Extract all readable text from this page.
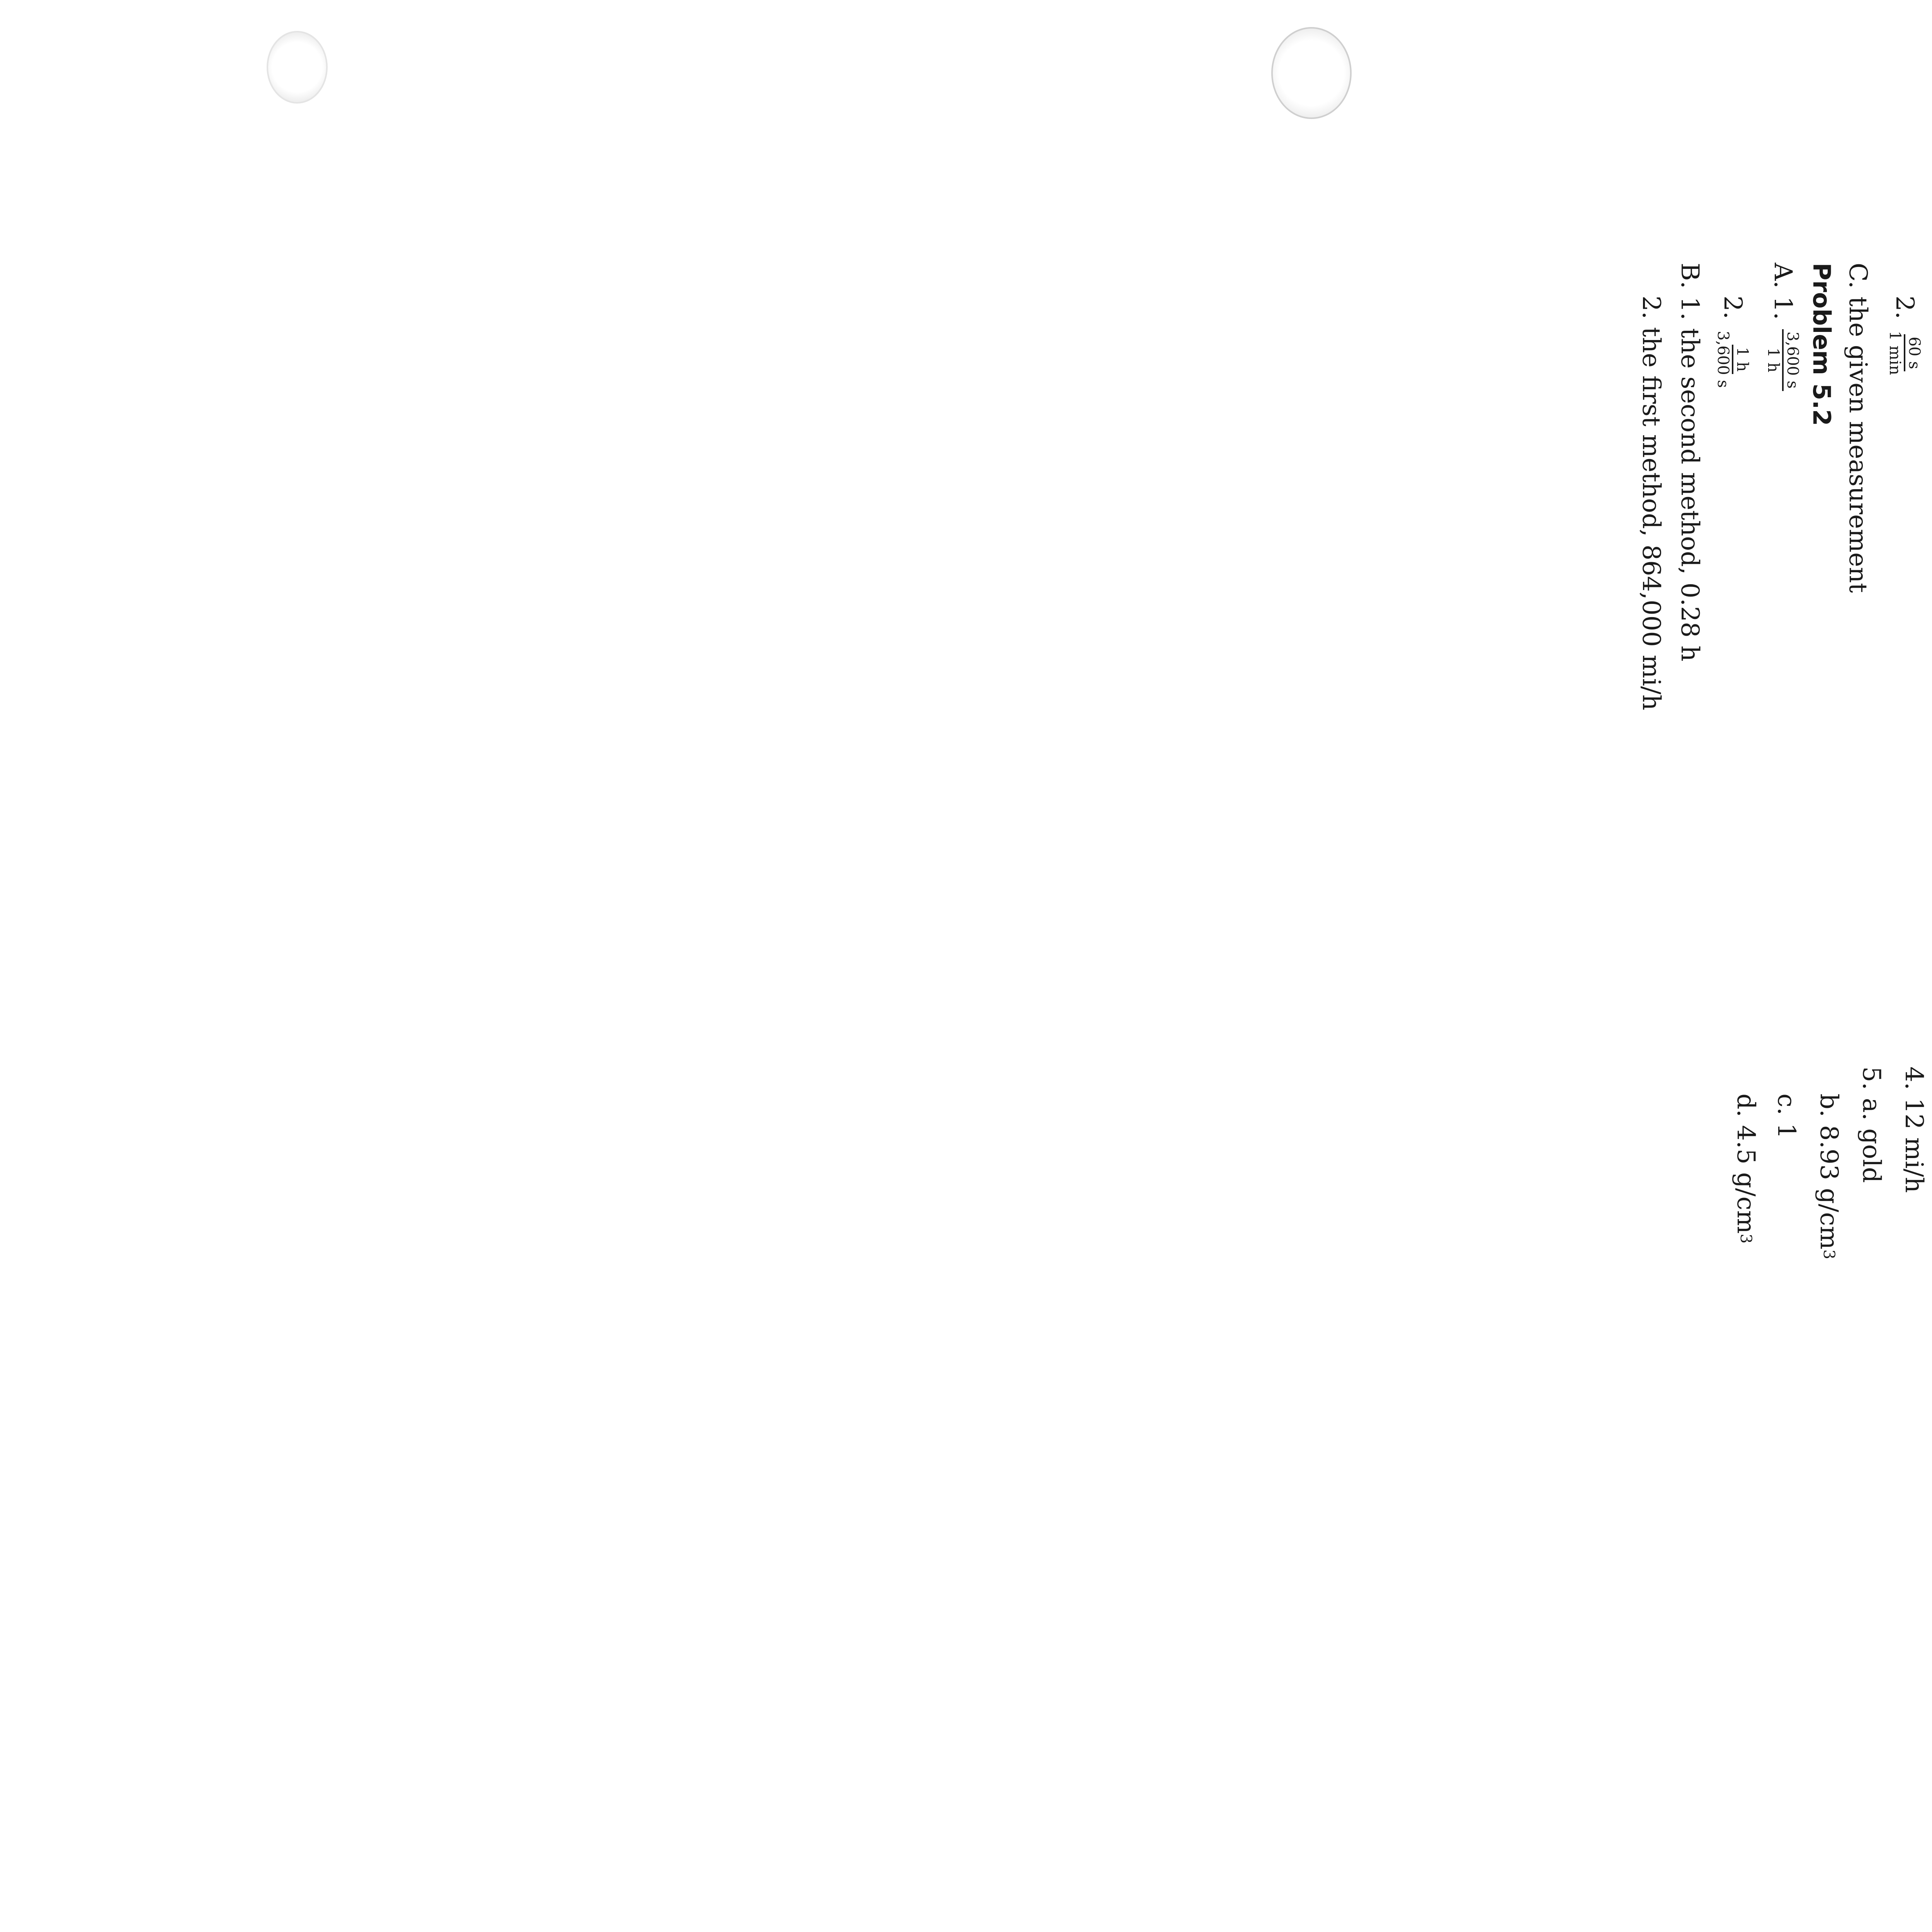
2.
60 s
1 min
C. the given measurement
Problem 5.2
A. 1.
3,600 s
1 h
2.
1 h
3,600 s
B. 1. the second method, 0.28 h
2. the first method, 864,000 mi/h
4. 12 mi/h
5. a. gold
b. 8.93 g/cm
3
c. 1
d. 4.5 g/cm
3
